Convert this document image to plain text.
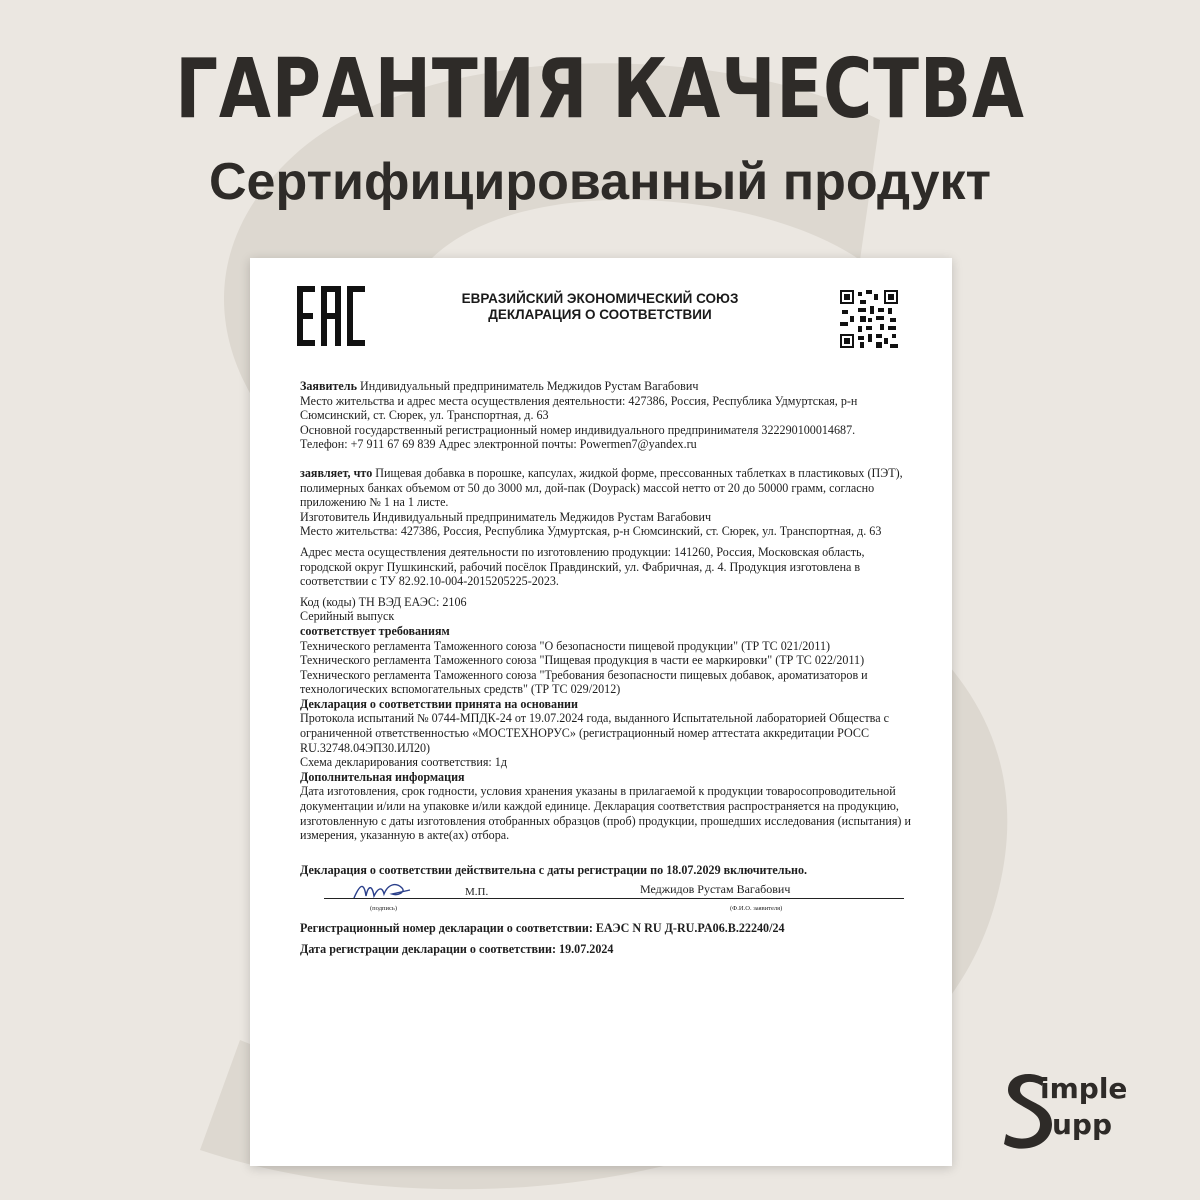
ГАРАНТИЯ КАЧЕСТВА
Сертифицированный продукт
ЕВРАЗИЙСКИЙ ЭКОНОМИЧЕСКИЙ СОЮЗ
ДЕКЛАРАЦИЯ О СООТВЕТСТВИИ

Заявитель Индивидуальный предприниматель Меджидов Рустам Вагабович

Место жительства и адрес места осуществления деятельности: 427386, Россия, Республика Удмуртская, р-н Сюмсинский, ст. Сюрек, ул. Транспортная, д. 63

Основной государственный регистрационный номер индивидуального предпринимателя 322290100014687.

Телефон: +7 911 67 69 839 Адрес электронной почты: Powermen7@yandex.ru

заявляет, что Пищевая добавка в порошке, капсулах, жидкой форме, прессованных таблетках в пластиковых (ПЭТ), полимерных банках объемом от 50 до 3000 мл, дой-пак (Doypack) массой нетто от 20 до 50000 грамм, согласно приложению № 1 на 1 листе.

Изготовитель Индивидуальный предприниматель Меджидов Рустам Вагабович

Место жительства: 427386, Россия, Республика Удмуртская, р-н Сюмсинский, ст. Сюрек, ул. Транспортная, д. 63

Адрес места осуществления деятельности по изготовлению продукции: 141260, Россия, Московская область, городской округ Пушкинский, рабочий посёлок Правдинский, ул. Фабричная, д. 4. Продукция изготовлена в соответствии с ТУ 82.92.10-004-2015205225-2023.

Код (коды) ТН ВЭД ЕАЭС: 2106

Серийный выпуск

соответствует требованиям

Технического регламента Таможенного союза "О безопасности пищевой продукции" (ТР ТС 021/2011)

Технического регламента Таможенного союза "Пищевая продукция в части ее маркировки" (ТР ТС 022/2011)

Технического регламента Таможенного союза "Требования безопасности пищевых добавок, ароматизаторов и технологических вспомогательных средств" (ТР ТС 029/2012)

Декларация о соответствии принята на основании

Протокола испытаний № 0744-МПДК-24 от 19.07.2024 года, выданного Испытательной лабораторией Общества с ограниченной ответственностью «МОСТЕХНОРУС» (регистрационный номер аттестата аккредитации РОСС RU.32748.04ЭП30.ИЛ20)

Схема декларирования соответствия: 1д

Дополнительная информация

Дата изготовления, срок годности, условия хранения указаны в прилагаемой к продукции товаросопроводительной документации и/или на упаковке и/или каждой единице. Декларация соответствия распространяется на продукцию, изготовленную с даты изготовления отобранных образцов (проб) продукции, прошедших исследования (испытания) и измерения, указанную в акте(ах) отбора.

Декларация о соответствии действительна с даты регистрации по 18.07.2029 включительно.

М.П.	Меджидов Рустам Вагабович
(подпись)	(Ф.И.О. заявителя)

Регистрационный номер декларации о соответствии: ЕАЭС N RU Д-RU.PA06.B.22240/24

Дата регистрации декларации о соответствии: 19.07.2024

imple
upp
